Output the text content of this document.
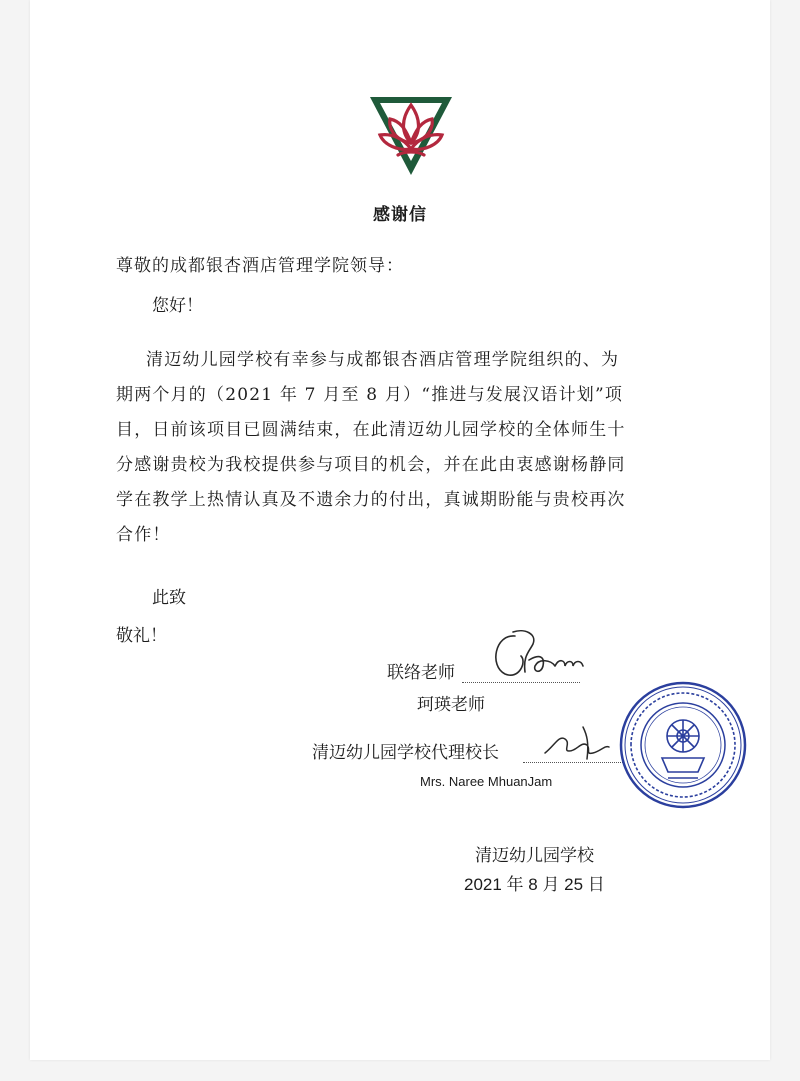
感谢信
尊敬的成都银杏酒店管理学院领导：
您好！
清迈幼儿园学校有幸参与成都银杏酒店管理学院组织的、为
期两个月的（2021 年 7 月至 8 月）“推进与发展汉语计划”项
目，日前该项目已圆满结束，在此清迈幼儿园学校的全体师生十
分感谢贵校为我校提供参与项目的机会，并在此由衷感谢杨静同
学在教学上热情认真及不遗余力的付出，真诚期盼能与贵校再次
合作！
此致
敬礼！
联络老师
珂瑛老师
清迈幼儿园学校代理校长
Mrs. Naree MhuanJam
清迈幼儿园学校
2021 年 8 月 25 日
